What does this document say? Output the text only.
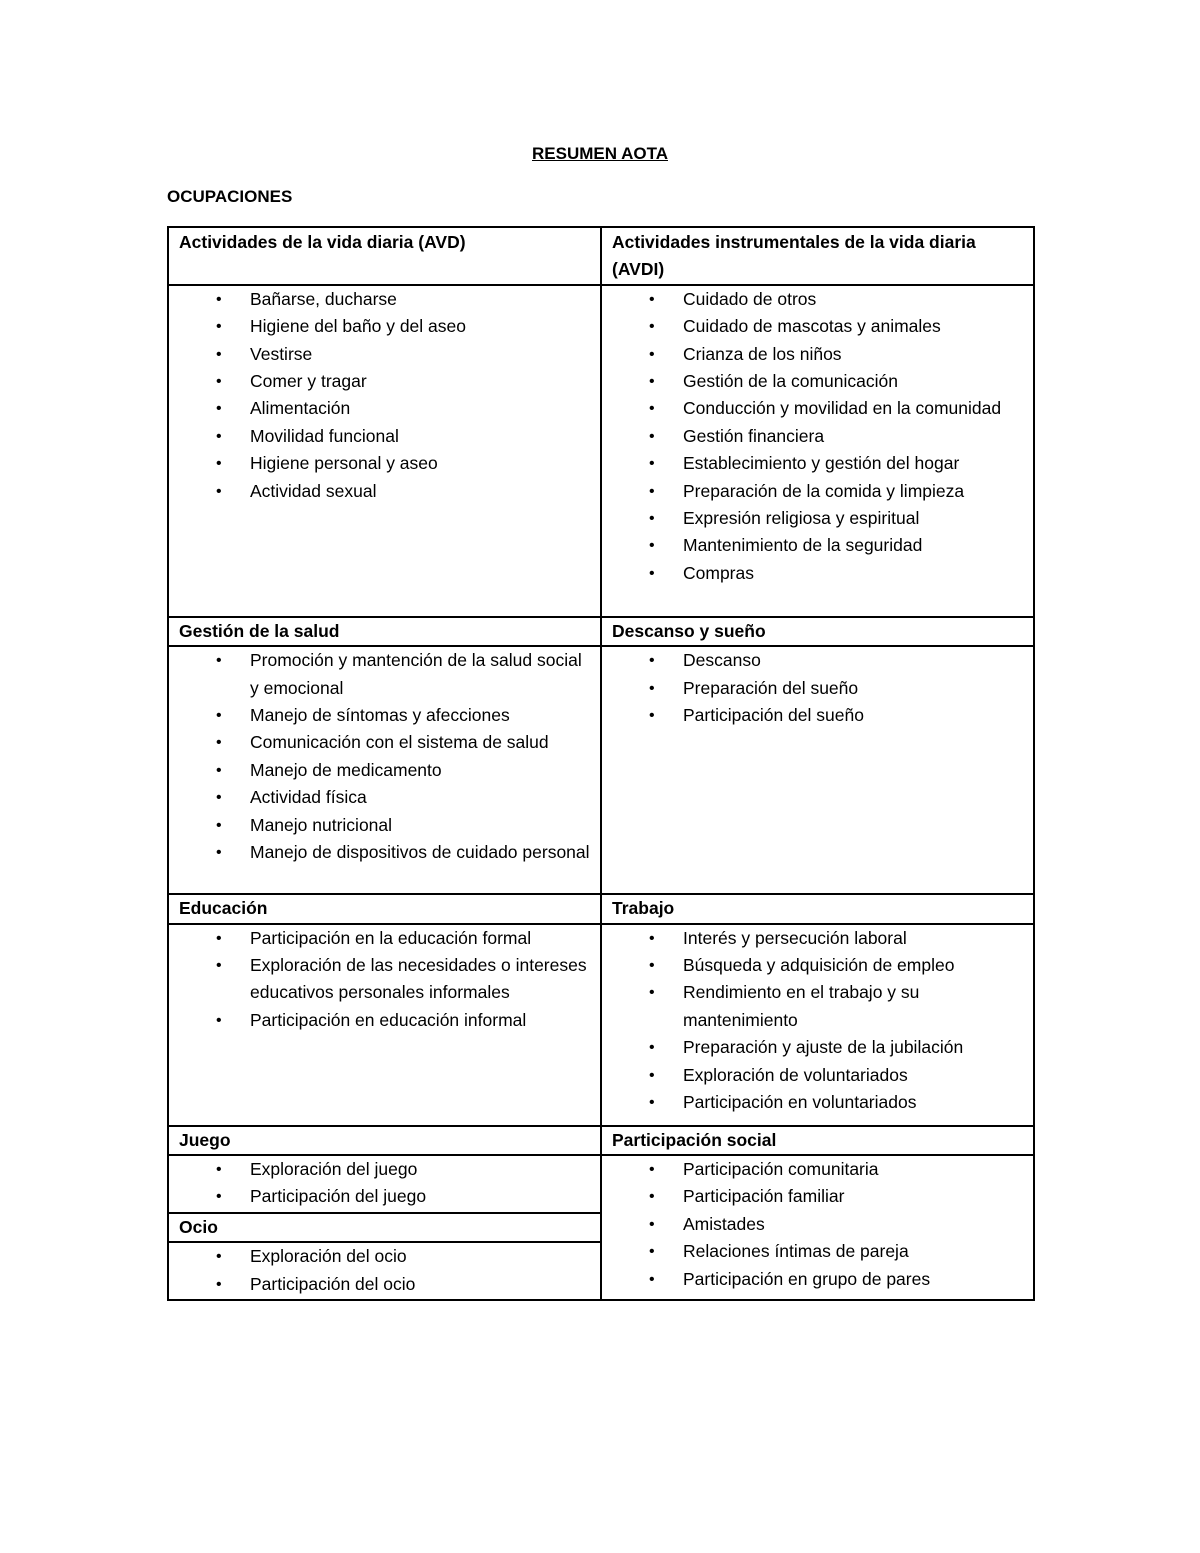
RESUMEN AOTA
OCUPACIONES
Actividades de la vida diaria (AVD)	Actividades instrumentales de la vida diaria (AVDI)

• Bañarse, ducharse
• Higiene del baño y del aseo
• Vestirse
• Comer y tragar
• Alimentación
• Movilidad funcional
• Higiene personal y aseo
• Actividad sexual

• Cuidado de otros
• Cuidado de mascotas y animales
• Crianza de los niños
• Gestión de la comunicación
• Conducción y movilidad en la comunidad
• Gestión financiera
• Establecimiento y gestión del hogar
• Preparación de la comida y limpieza
• Expresión religiosa y espiritual
• Mantenimiento de la seguridad
• Compras

Gestión de la salud	Descanso y sueño

• Promoción y mantención de la salud social y emocional
• Manejo de síntomas y afecciones
• Comunicación con el sistema de salud
• Manejo de medicamento
• Actividad física
• Manejo nutricional
• Manejo de dispositivos de cuidado personal

• Descanso
• Preparación del sueño
• Participación del sueño

Educación	Trabajo

• Participación en la educación formal
• Exploración de las necesidades o intereses educativos personales informales
• Participación en educación informal

• Interés y persecución laboral
• Búsqueda y adquisición de empleo
• Rendimiento en el trabajo y su mantenimiento
• Preparación y ajuste de la jubilación
• Exploración de voluntariados
• Participación en voluntariados

Juego	Participación social

• Exploración del juego
• Participación del juego

Ocio

• Exploración del ocio
• Participación del ocio

• Participación comunitaria
• Participación familiar
• Amistades
• Relaciones íntimas de pareja
• Participación en grupo de pares
